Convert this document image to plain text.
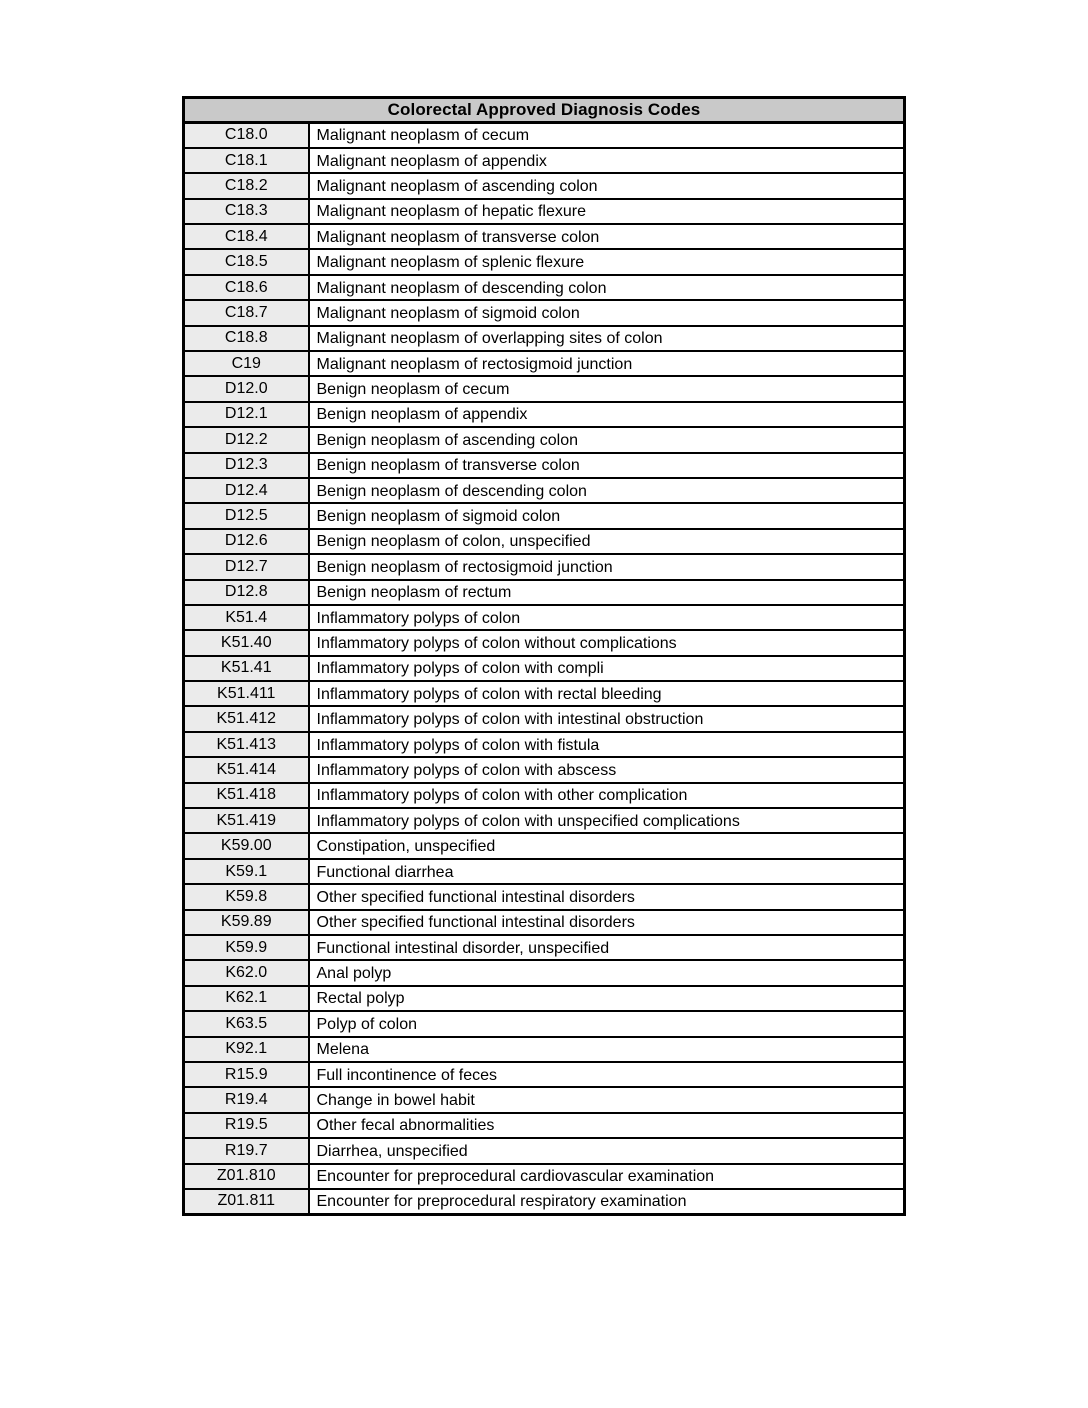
Colorectal Approved Diagnosis Codes	
C18.0	Malignant neoplasm of cecum
C18.1	Malignant neoplasm of appendix
C18.2	Malignant neoplasm of ascending colon
C18.3	Malignant neoplasm of hepatic flexure
C18.4	Malignant neoplasm of transverse colon
C18.5	Malignant neoplasm of splenic flexure
C18.6	Malignant neoplasm of descending colon
C18.7	Malignant neoplasm of sigmoid colon
C18.8	Malignant neoplasm of overlapping sites of colon
C19	Malignant neoplasm of rectosigmoid junction
D12.0	Benign neoplasm of cecum
D12.1	Benign neoplasm of appendix
D12.2	Benign neoplasm of ascending colon
D12.3	Benign neoplasm of transverse colon
D12.4	Benign neoplasm of descending colon
D12.5	Benign neoplasm of sigmoid colon
D12.6	Benign neoplasm of colon, unspecified
D12.7	Benign neoplasm of rectosigmoid junction
D12.8	Benign neoplasm of rectum
K51.4	Inflammatory polyps of colon
K51.40	Inflammatory polyps of colon without complications
K51.41	Inflammatory polyps of colon with compli
K51.411	Inflammatory polyps of colon with rectal bleeding
K51.412	Inflammatory polyps of colon with intestinal obstruction
K51.413	Inflammatory polyps of colon with fistula
K51.414	Inflammatory polyps of colon with abscess
K51.418	Inflammatory polyps of colon with other complication
K51.419	Inflammatory polyps of colon with unspecified complications
K59.00	Constipation, unspecified
K59.1	Functional diarrhea
K59.8	Other specified functional intestinal disorders
K59.89	Other specified functional intestinal disorders
K59.9	Functional intestinal disorder, unspecified
K62.0	Anal polyp
K62.1	Rectal polyp
K63.5	Polyp of colon
K92.1	Melena
R15.9	Full incontinence of feces
R19.4	Change in bowel habit
R19.5	Other fecal abnormalities
R19.7	Diarrhea, unspecified
Z01.810	Encounter for preprocedural cardiovascular examination
Z01.811	Encounter for preprocedural respiratory examination
